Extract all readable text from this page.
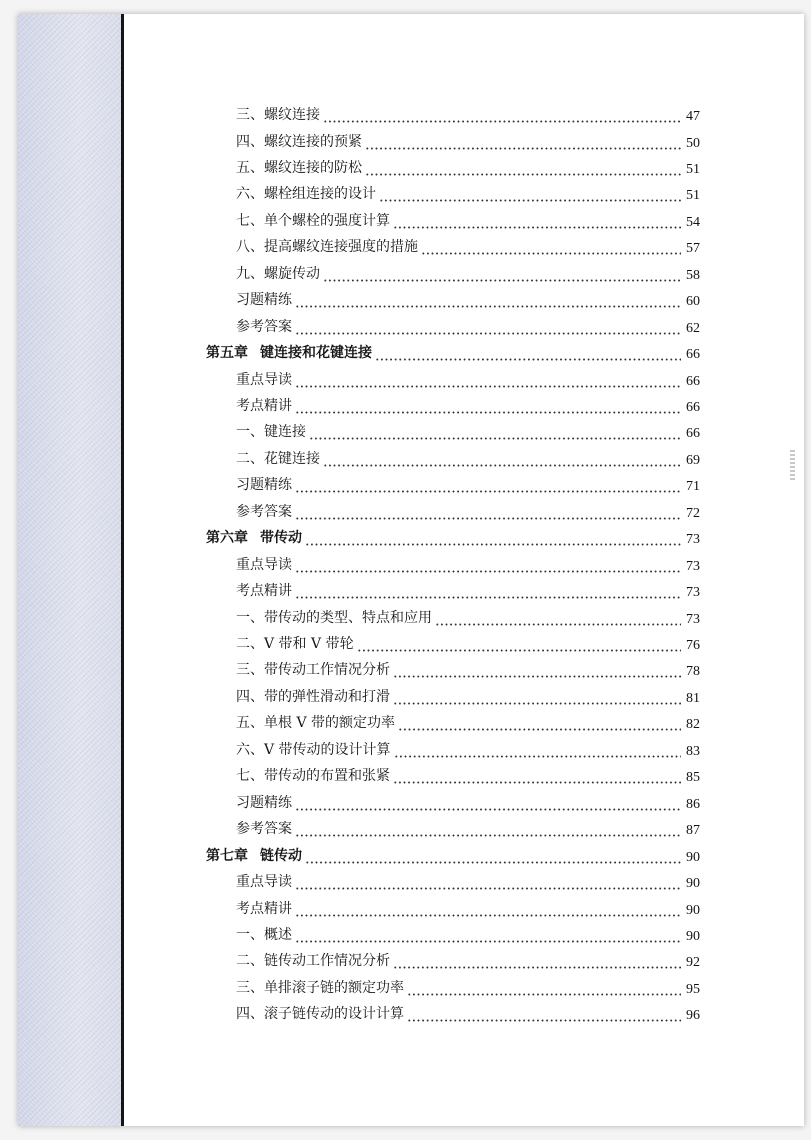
三、螺纹连接	47
四、螺纹连接的预紧	50
五、螺纹连接的防松	51
六、螺栓组连接的设计	51
七、单个螺栓的强度计算	54
八、提高螺纹连接强度的措施	57
九、螺旋传动	58
习题精练	60
参考答案	62
第五章 键连接和花键连接	66
重点导读	66
考点精讲	66
一、键连接	66
二、花键连接	69
习题精练	71
参考答案	72
第六章 带传动	73
重点导读	73
考点精讲	73
一、带传动的类型、特点和应用	73
二、V 带和 V 带轮	76
三、带传动工作情况分析	78
四、带的弹性滑动和打滑	81
五、单根 V 带的额定功率	82
六、V 带传动的设计计算	83
七、带传动的布置和张紧	85
习题精练	86
参考答案	87
第七章 链传动	90
重点导读	90
考点精讲	90
一、概述	90
二、链传动工作情况分析	92
三、单排滚子链的额定功率	95
四、滚子链传动的设计计算	96
